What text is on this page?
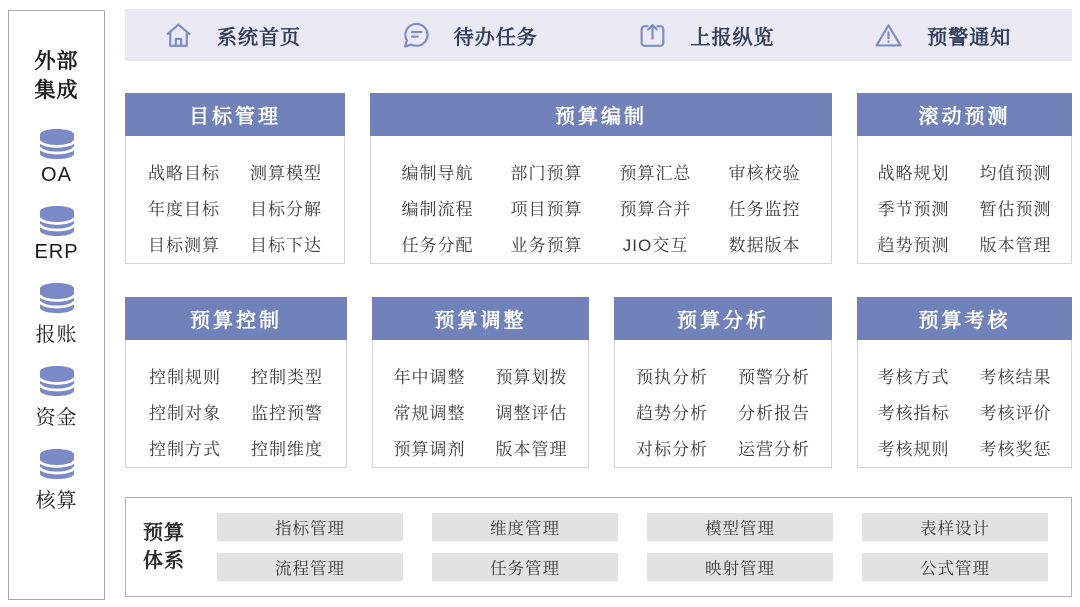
外部集成
OA
ERP
报账
资金
核算
系统首页	待办任务	上报纵览	预警通知
目标管理
战略目标 测算模型
年度目标 目标分解
目标测算 目标下达
预算编制
编制导航 部门预算 预算汇总 审核校验
编制流程 项目预算 预算合并 任务监控
任务分配 业务预算 JIO交互 数据版本
滚动预测
战略规划 均值预测
季节预测 暂估预测
趋势预测 版本管理
预算控制
控制规则 控制类型
控制对象 监控预警
控制方式 控制维度
预算调整
年中调整 预算划拨
常规调整 调整评估
预算调剂 版本管理
预算分析
预执分析 预警分析
趋势分析 分析报告
对标分析 运营分析
预算考核
考核方式 考核结果
考核指标 考核评价
考核规则 考核奖惩
预算体系
指标管理	维度管理	模型管理	表样设计
流程管理	任务管理	映射管理	公式管理
